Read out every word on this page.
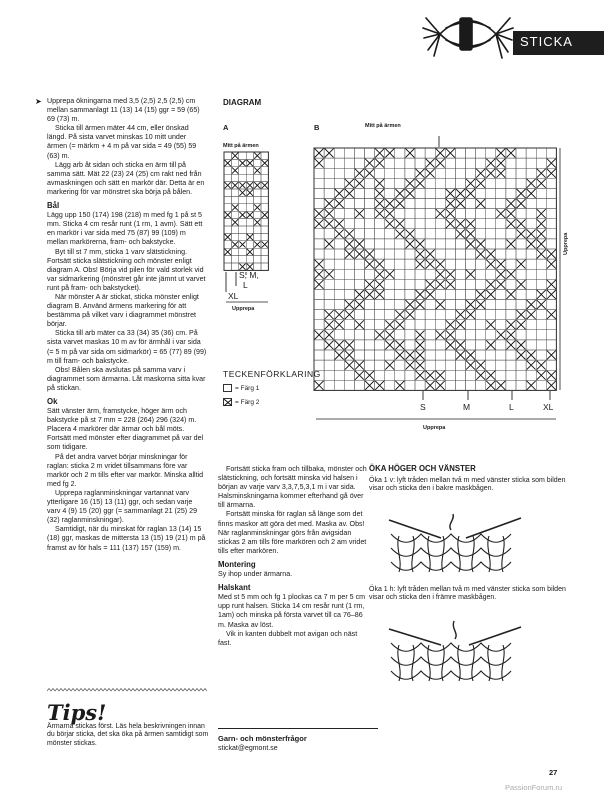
STICKA
➤ Upprepa ökningarna med 3,5 (2,5) 2,5 (2,5) cm mellan sammanlagt 11 (13) 14 (15) ggr = 59 (65) 69 (73) m.

Sticka till ärmen mäter 44 cm, eller önskad längd. På sista varvet minskas 10 mitt under ärmen (= märkm + 4 m på var sida = 49 (55) 59 (63) m.

Lägg arb åt sidan och sticka en ärm till på samma sätt. Mät 22 (23) 24 (25) cm rakt ned från avmaskningen och sätt en markör där. Detta är en markering för var mönstret ska börja på bålen.

Bål

Lägg upp 150 (174) 198 (218) m med fg 1 på st 5 mm. Sticka 4 cm resår runt (1 rm, 1 avm). Sätt ett en markör i var sida med 75 (87) 99 (109) m mellan markörerna, fram- och bakstycke.

Byt till st 7 mm, sticka 1 varv slätstickning. Fortsätt sticka slätstickning och mönster enligt diagram A. Obs! Börja vid pilen för vald storlek vid var sidmarkering (mönstret går inte jämnt ut varvet runt på fram- och bakstycket).

När mönster A är stickat, sticka mönster enligt diagram B. Använd ärmens markering för att bestämma på vilket varv i diagrammet mönstret börjar.

Sticka till arb mäter ca 33 (34) 35 (36) cm. På sista varvet maskas 10 m av för ärmhål i var sida (= 5 m på var sida om sidmarkör) = 65 (77) 89 (99) m till fram- och bakstycke.

Obs! Bålen ska avslutas på samma varv i diagrammet som ärmarna. Låt maskorna sitta kvar på stickan.

Ok

Sätt vänster ärm, framstycke, höger ärm och bakstycke på st 7 mm = 228 (264) 296 (324) m. Placera 4 markörer där ärmar och bål möts. Fortsätt med mönster efter diagrammet på var del som tidigare.

På det andra varvet börjar minskningar för raglan: sticka 2 m vridet tillsammans före var markör och 2 m tills efter var markör. Minska alltid med fg 2.

Upprepa raglanminskningar vartannat varv ytterligare 16 (15) 13 (11) ggr, och sedan varje varv 4 (9) 15 (20) ggr (= sammanlagt 21 (25) 29 (32) raglanminskningar).

Samtidigt, när du minskat för raglan 13 (14) 15 (18) ggr, maskas de mittersta 13 (15) 19 (21) m på framst av för hals = 111 (137) 157 (159) m.

DIAGRAM
A	B
Mitt på ärmen
Mitt på ärmen
S, M,
L
XL
Upprepa
S	M	L	XL
Upprepa
Upprepa
TECKENFÖRKLARING
= Färg 1
= Färg 2

Fortsätt sticka fram och tillbaka, mönster och slätstickning, och fortsätt minska vid halsen i början av varje varv 3,3,7,5,3,1 m i var sida. Halsminskningarna kommer efterhand gå över till ärmarna.

Fortsätt minska för raglan så länge som det finns maskor att göra det med. Maska av. Obs! När raglanminskningar görs från avigsidan stickas 2 am tills före markören och 2 am vridet tills efter markören.

Montering

Sy ihop under ärmarna.

Halskant

Med st 5 mm och fg 1 plockas ca 7 m per 5 cm upp runt halsen. Sticka 14 cm resår runt (1 rm, 1am) och minska på första varvet till ca 76–86 m. Maska av löst.

Vik in kanten dubbelt mot avigan och näst fast.

ÖKA HÖGER OCH VÄNSTER
Öka 1 v: lyft tråden mellan två m med vänster sticka som bilden visar och sticka den i bakre maskbågen.
Öka 1 h: lyft tråden mellan två m med vänster sticka som bilden visar och sticka den i främre maskbågen.
Tips!
Ärmarna stickas först. Läs hela beskrivningen innan du börjar sticka, det ska öka på ärmen samtidigt som mönster stickas.
Garn- och mönsterfrågor
stickat@egmont.se
27
PassionForum.ru
